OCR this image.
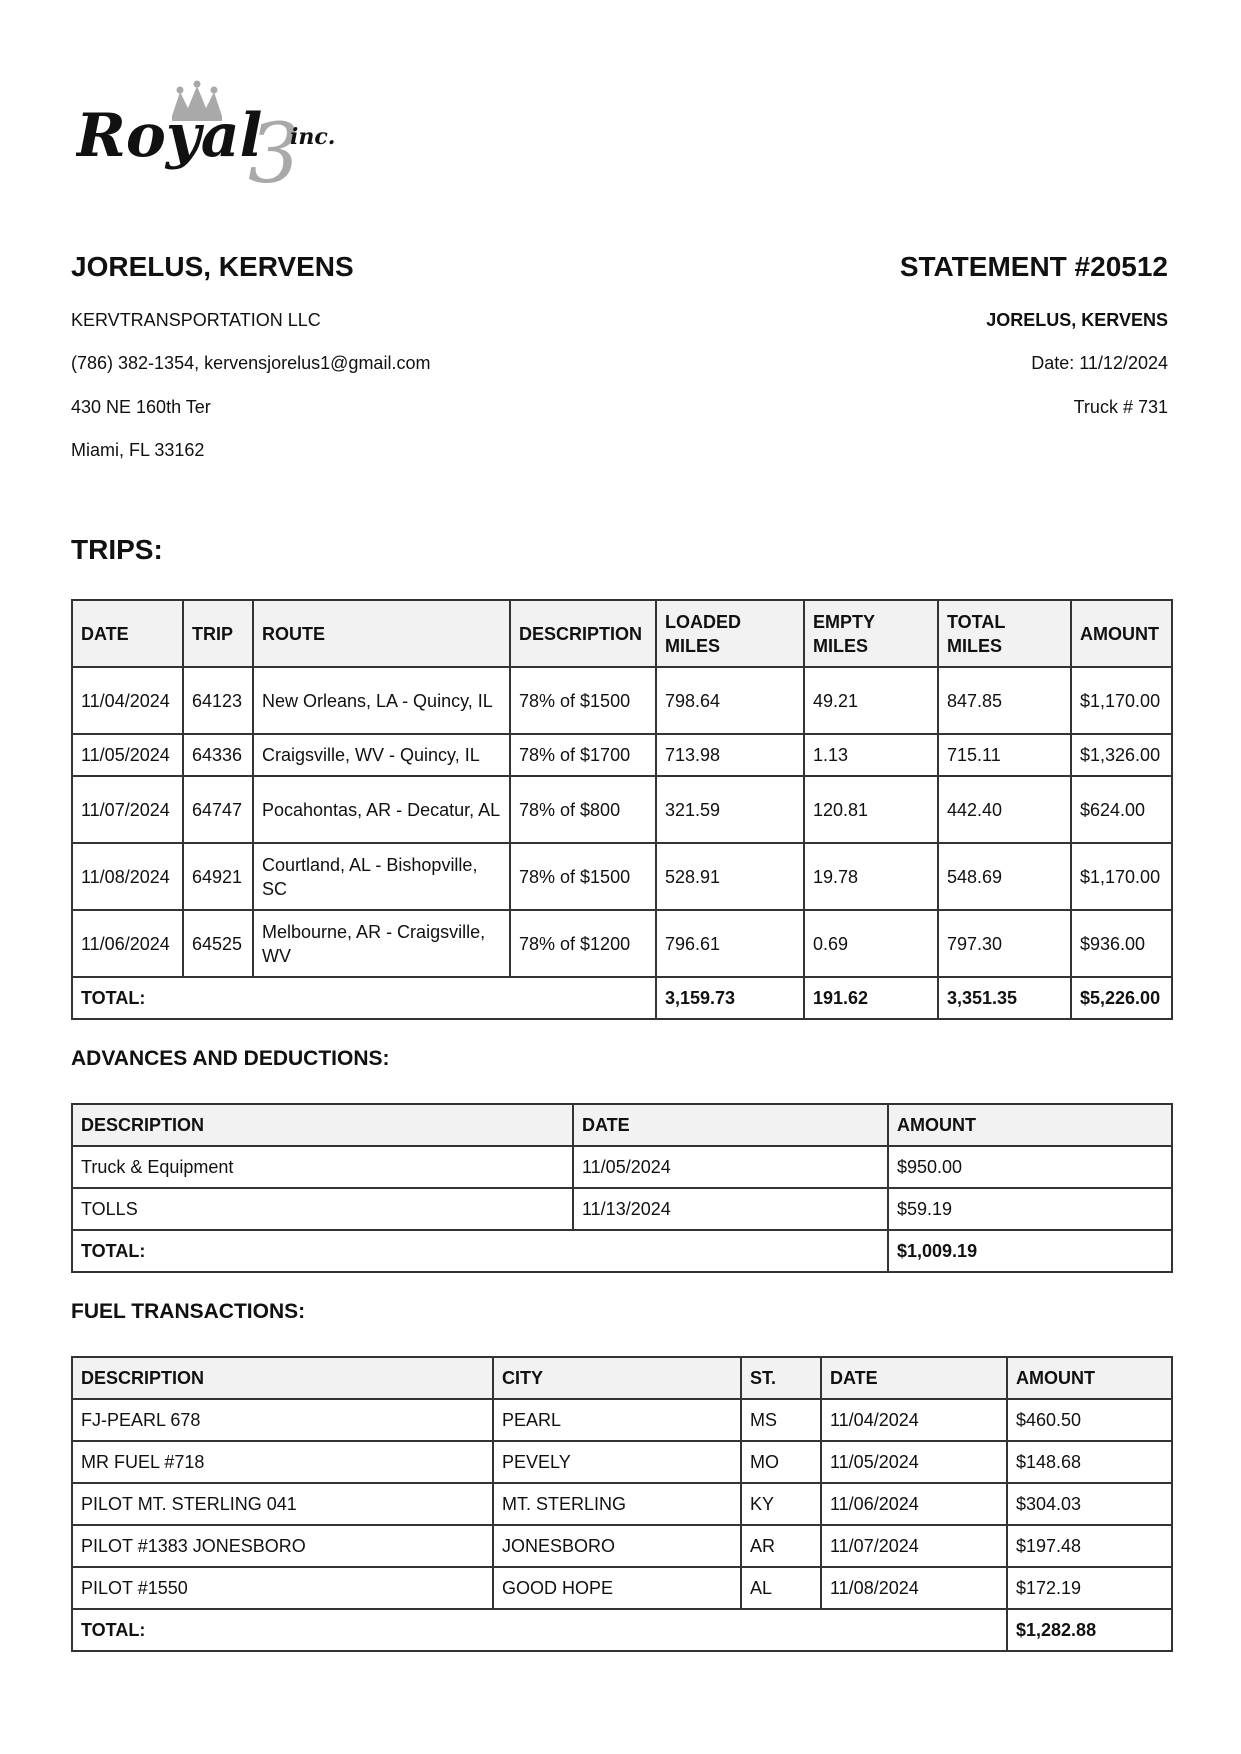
3
Royal inc.
JORELUS, KERVENS
KERVTRANSPORTATION LLC
(786) 382-1354, kervensjorelus1@gmail.com
430 NE 160th Ter
Miami, FL 33162
STATEMENT #20512
JORELUS, KERVENS
Date: 11/12/2024
Truck # 731
TRIPS:
DATE	TRIP	ROUTE	DESCRIPTION	LOADED MILES	EMPTY MILES	TOTAL MILES	AMOUNT
11/04/2024	64123	New Orleans, LA - Quincy, IL	78% of $1500	798.64	49.21	847.85	$1,170.00
11/05/2024	64336	Craigsville, WV - Quincy, IL	78% of $1700	713.98	1.13	715.11	$1,326.00
11/07/2024	64747	Pocahontas, AR - Decatur, AL	78% of $800	321.59	120.81	442.40	$624.00
11/08/2024	64921	Courtland, AL - Bishopville, SC	78% of $1500	528.91	19.78	548.69	$1,170.00
11/06/2024	64525	Melbourne, AR - Craigsville, WV	78% of $1200	796.61	0.69	797.30	$936.00
TOTAL:				3,159.73	191.62	3,351.35	$5,226.00
ADVANCES AND DEDUCTIONS:
DESCRIPTION	DATE	AMOUNT
Truck & Equipment	11/05/2024	$950.00
TOLLS	11/13/2024	$59.19
TOTAL:		$1,009.19
FUEL TRANSACTIONS:
DESCRIPTION	CITY	ST.	DATE	AMOUNT
FJ-PEARL 678	PEARL	MS	11/04/2024	$460.50
MR FUEL #718	PEVELY	MO	11/05/2024	$148.68
PILOT MT. STERLING 041	MT. STERLING	KY	11/06/2024	$304.03
PILOT #1383 JONESBORO	JONESBORO	AR	11/07/2024	$197.48
PILOT #1550	GOOD HOPE	AL	11/08/2024	$172.19
TOTAL:				$1,282.88
